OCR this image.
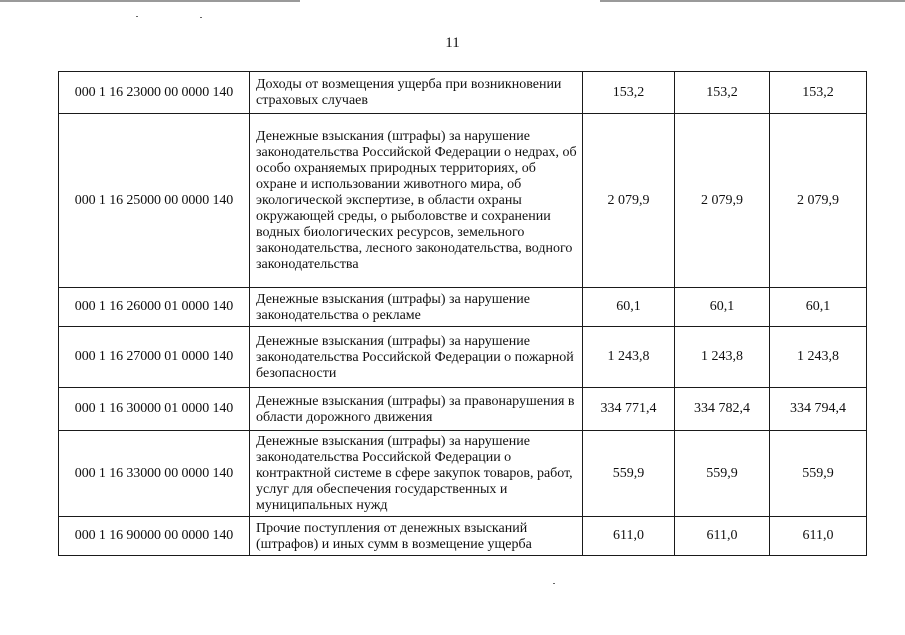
11
000 1 16 23000 00 0000 140	Доходы от возмещения ущерба при возникновении страховых случаев	153,2	153,2	153,2
000 1 16 25000 00 0000 140	Денежные взыскания (штрафы) за нарушение законодательства Российской Федерации о недрах, об особо охраняемых природных территориях, об охране и использовании животного мира, об экологической экспертизе, в области охраны окружающей среды, о рыболовстве и сохранении водных биологических ресурсов, земельного законодательства, лесного законодательства, водного законодательства	2 079,9	2 079,9	2 079,9
000 1 16 26000 01 0000 140	Денежные взыскания (штрафы) за нарушение законодательства о рекламе	60,1	60,1	60,1
000 1 16 27000 01 0000 140	Денежные взыскания (штрафы) за нарушение законодательства Российской Федерации о пожарной безопасности	1 243,8	1 243,8	1 243,8
000 1 16 30000 01 0000 140	Денежные взыскания (штрафы) за правонарушения в области дорожного движения	334 771,4	334 782,4	334 794,4
000 1 16 33000 00 0000 140	Денежные взыскания (штрафы) за нарушение законодательства Российской Федерации о контрактной системе в сфере закупок товаров, работ, услуг для обеспечения государственных и муниципальных нужд	559,9	559,9	559,9
000 1 16 90000 00 0000 140	Прочие поступления от денежных взысканий (штрафов) и иных сумм в возмещение ущерба	611,0	611,0	611,0
